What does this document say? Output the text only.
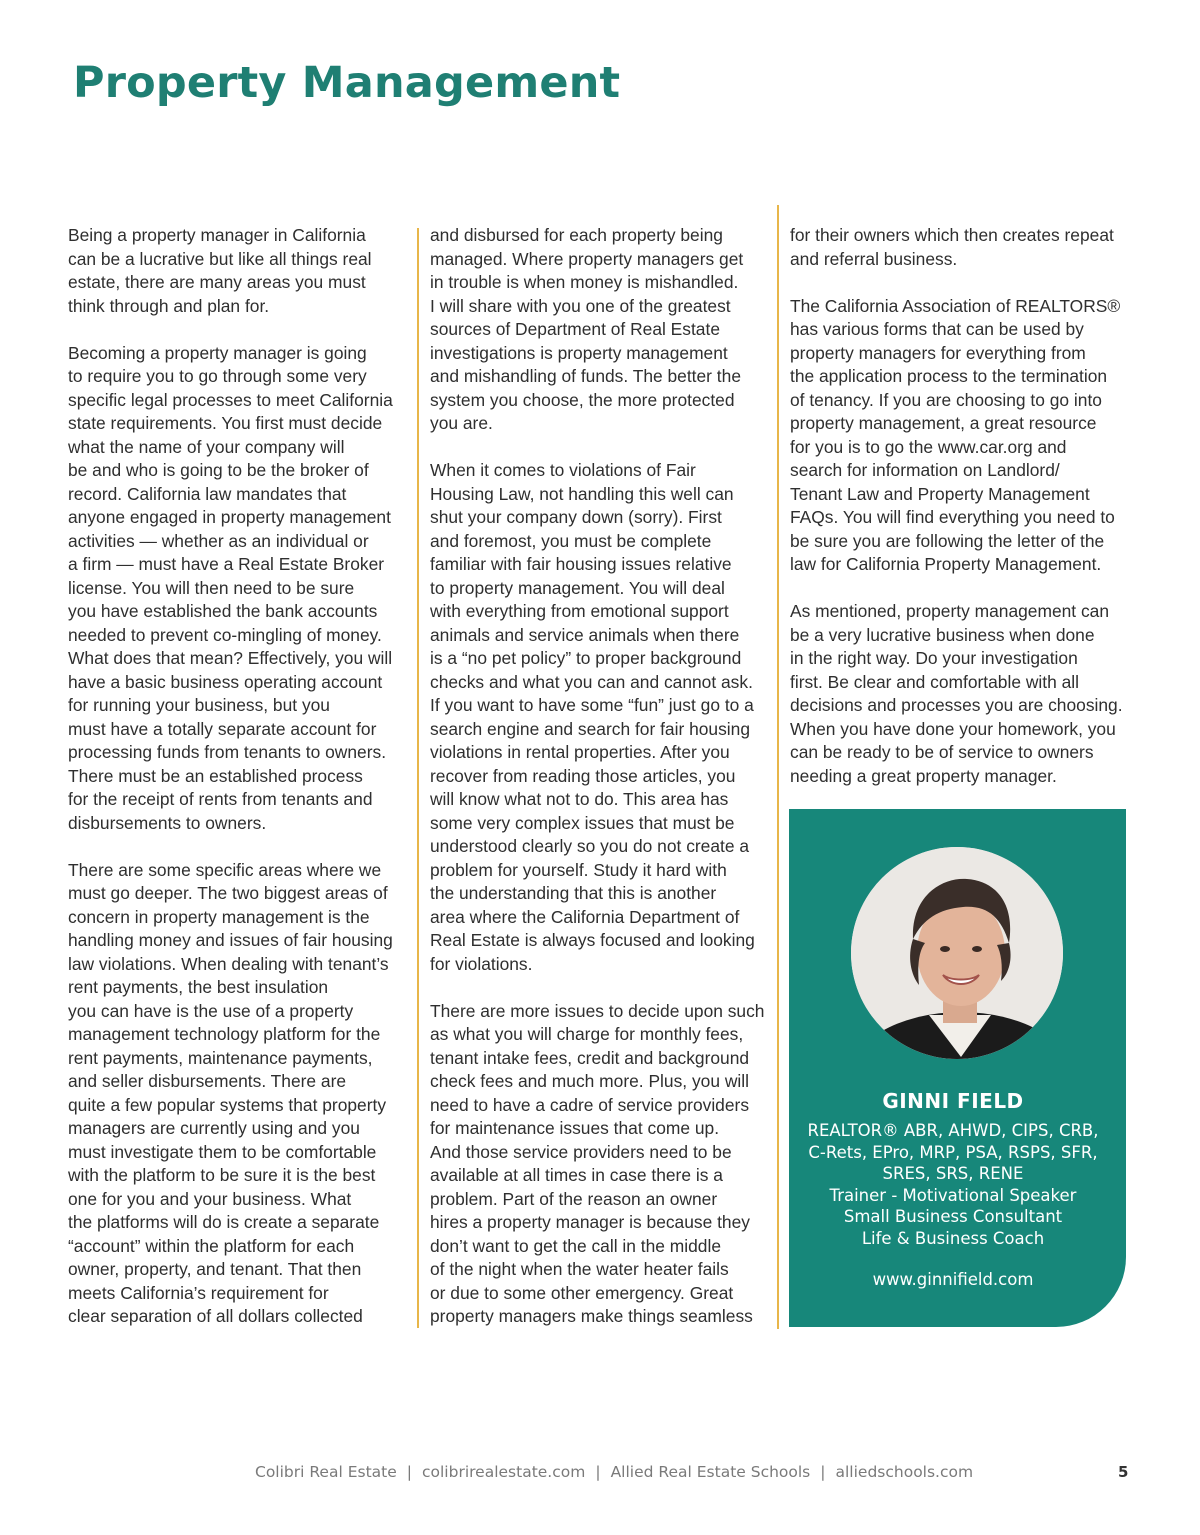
Property Management

Being a property manager in California
can be a lucrative but like all things real
estate, there are many areas you must
think through and plan for.

Becoming a property manager is going
to require you to go through some very
specific legal processes to meet California
state requirements. You first must decide
what the name of your company will
be and who is going to be the broker of
record. California law mandates that
anyone engaged in property management
activities — whether as an individual or
a firm — must have a Real Estate Broker
license. You will then need to be sure
you have established the bank accounts
needed to prevent co-mingling of money.
What does that mean? Effectively, you will
have a basic business operating account
for running your business, but you
must have a totally separate account for
processing funds from tenants to owners.
There must be an established process
for the receipt of rents from tenants and
disbursements to owners.

There are some specific areas where we
must go deeper. The two biggest areas of
concern in property management is the
handling money and issues of fair housing
law violations. When dealing with tenant’s
rent payments, the best insulation
you can have is the use of a property
management technology platform for the
rent payments, maintenance payments,
and seller disbursements. There are
quite a few popular systems that property
managers are currently using and you
must investigate them to be comfortable
with the platform to be sure it is the best
one for you and your business. What
the platforms will do is create a separate
“account” within the platform for each
owner, property, and tenant. That then
meets California’s requirement for
clear separation of all dollars collected

and disbursed for each property being
managed. Where property managers get
in trouble is when money is mishandled.
I will share with you one of the greatest
sources of Department of Real Estate
investigations is property management
and mishandling of funds. The better the
system you choose, the more protected
you are.

When it comes to violations of Fair
Housing Law, not handling this well can
shut your company down (sorry). First
and foremost, you must be complete
familiar with fair housing issues relative
to property management. You will deal
with everything from emotional support
animals and service animals when there
is a “no pet policy” to proper background
checks and what you can and cannot ask.
If you want to have some “fun” just go to a
search engine and search for fair housing
violations in rental properties. After you
recover from reading those articles, you
will know what not to do. This area has
some very complex issues that must be
understood clearly so you do not create a
problem for yourself. Study it hard with
the understanding that this is another
area where the California Department of
Real Estate is always focused and looking
for violations.

There are more issues to decide upon such
as what you will charge for monthly fees,
tenant intake fees, credit and background
check fees and much more. Plus, you will
need to have a cadre of service providers
for maintenance issues that come up.
And those service providers need to be
available at all times in case there is a
problem. Part of the reason an owner
hires a property manager is because they
don’t want to get the call in the middle
of the night when the water heater fails
or due to some other emergency. Great
property managers make things seamless

for their owners which then creates repeat
and referral business.

The California Association of REALTORS®
has various forms that can be used by
property managers for everything from
the application process to the termination
of tenancy. If you are choosing to go into
property management, a great resource
for you is to go the www.car.org and
search for information on Landlord/
Tenant Law and Property Management
FAQs. You will find everything you need to
be sure you are following the letter of the
law for California Property Management.

As mentioned, property management can
be a very lucrative business when done
in the right way. Do your investigation
first. Be clear and comfortable with all
decisions and processes you are choosing.
When you have done your homework, you
can be ready to be of service to owners
needing a great property manager.

GINNI FIELD
REALTOR® ABR, AHWD, CIPS, CRB,
C-Rets, EPro, MRP, PSA, RSPS, SFR,
SRES, SRS, RENE
Trainer - Motivational Speaker
Small Business Consultant
Life & Business Coach
www.ginnifield.com
Colibri Real Estate | colibrirealestate.com | Allied Real Estate Schools | alliedschools.com	5
